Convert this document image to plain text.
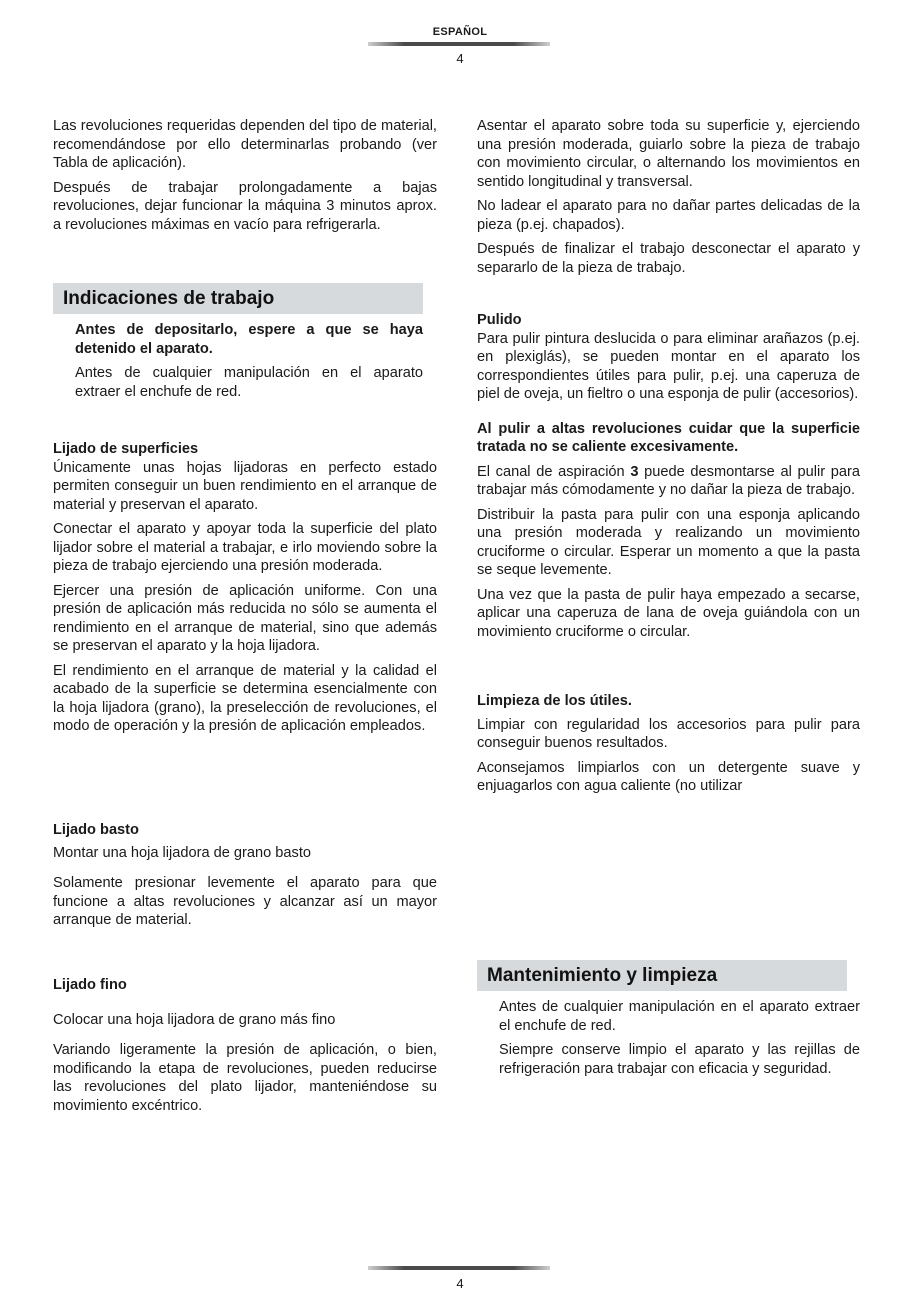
ESPAÑOL
4

Las revoluciones requeridas dependen del tipo de material, recomendándose por ello determinarlas probando (ver Tabla de aplicación).

Después de trabajar prolongadamente a bajas revoluciones, dejar funcionar la máquina 3 minutos aprox. a revoluciones máximas en vacío para refrigerarla.

Indicaciones de trabajo

Antes de depositarlo, espere a que se haya detenido el aparato.

Antes de cualquier manipulación en el aparato extraer el enchufe de red.

Lijado de superficies

Únicamente unas hojas lijadoras en perfecto estado permiten conseguir un buen rendimiento en el arranque de material y preservan el aparato.

Conectar el aparato y apoyar toda la superficie del plato lijador sobre el material a trabajar, e irlo moviendo sobre la pieza de trabajo ejerciendo una presión moderada.

Ejercer una presión de aplicación uniforme. Con una presión de aplicación más reducida no sólo se aumenta el rendimiento en el arranque de material, sino que además se preservan el aparato y la hoja lijadora.

El rendimiento en el arranque de material y la calidad el acabado de la superficie se determina esencialmente con la hoja lijadora (grano), la preselección de revoluciones, el modo de operación y la presión de aplicación empleados.

Lijado basto

Montar una hoja lijadora de grano basto

Solamente presionar levemente el aparato para que funcione a altas revoluciones y alcanzar así un mayor arranque de material.

Lijado fino

Colocar una hoja lijadora de grano más fino

Variando ligeramente la presión de aplicación, o bien, modificando la etapa de revoluciones, pueden reducirse las revoluciones del plato lijador, manteniéndose su movimiento excéntrico.

Asentar el aparato sobre toda su superficie y, ejerciendo una presión moderada, guiarlo sobre la pieza de trabajo con movimiento circular, o alternando los movimientos en sentido longitudinal y transversal.

No ladear el aparato para no dañar partes delicadas de la pieza (p.ej. chapados).

Después de finalizar el trabajo desconectar el aparato y separarlo de la pieza de trabajo.

Pulido

Para pulir pintura deslucida o para eliminar arañazos (p.ej. en plexiglás), se pueden montar en el aparato los correspondientes útiles para pulir, p.ej. una caperuza de piel de oveja, un fieltro o una esponja de pulir (accesorios).

Al pulir a altas revoluciones cuidar que la superficie tratada no se caliente excesivamente.

El canal de aspiración 3 puede desmontarse al pulir para trabajar más cómodamente y no dañar la pieza de trabajo.

Distribuir la pasta para pulir con una esponja aplicando una presión moderada y realizando un movimiento cruciforme o circular. Esperar un momento a que la pasta se seque levemente.

Una vez que la pasta de pulir haya empezado a secarse, aplicar una caperuza de lana de oveja guiándola con un movimiento cruciforme o circular.

Limpieza de los útiles.

Limpiar con regularidad los accesorios para pulir para conseguir buenos resultados.

Aconsejamos limpiarlos con un detergente suave y enjuagarlos con agua caliente (no utilizar

Mantenimiento y limpieza

Antes de cualquier manipulación en el aparato extraer el enchufe de red.

Siempre conserve limpio el aparato y las rejillas de refrigeración para trabajar con eficacia y seguridad.

4
